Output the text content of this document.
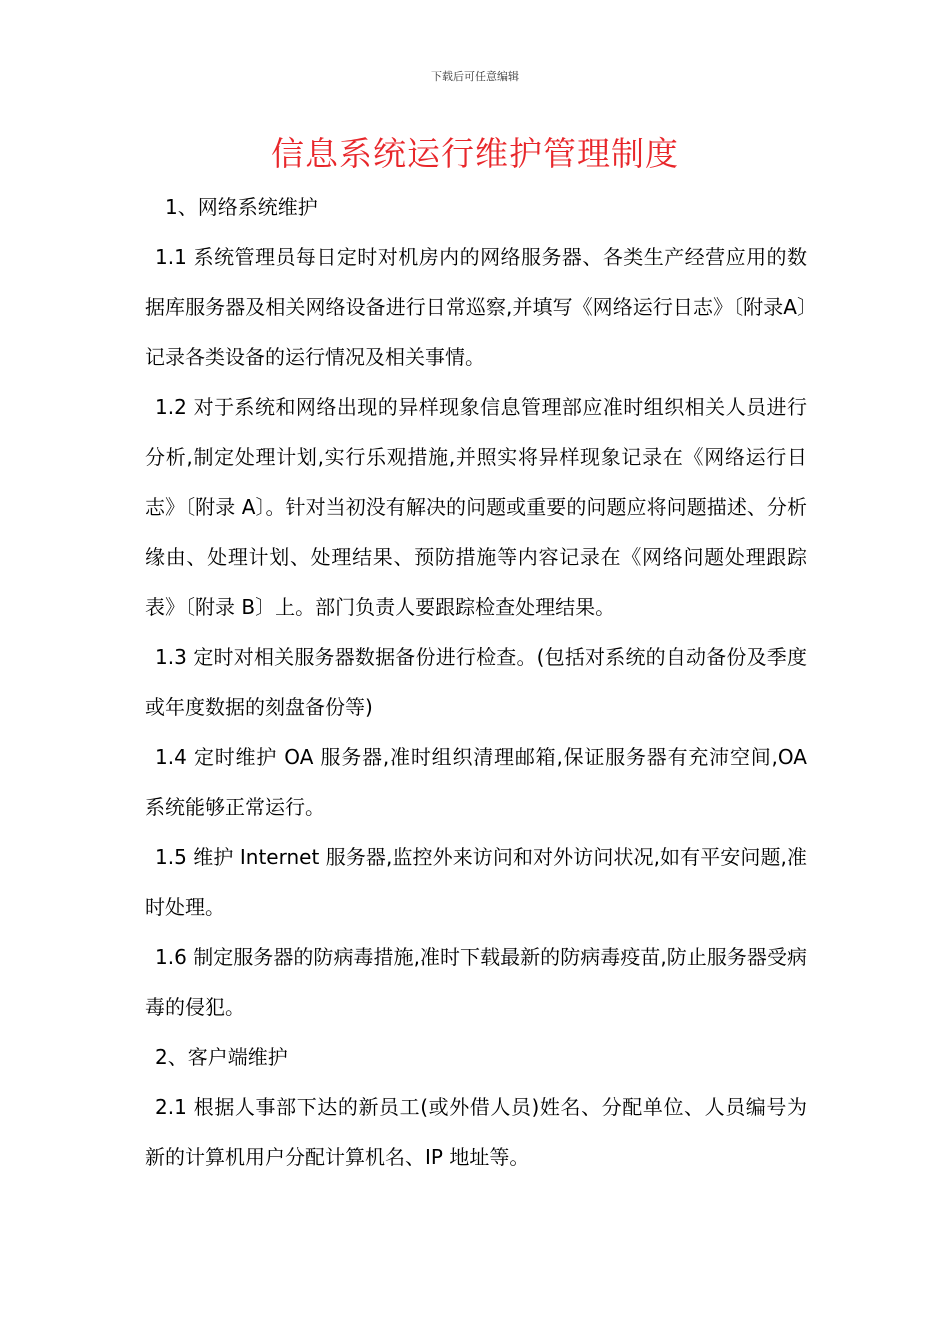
下载后可任意编辑
信息系统运行维护管理制度

1、网络系统维护

1.1 系统管理员每日定时对机房内的网络服务器、各类生产经营应用的数据库服务器及相关网络设备进行日常巡察,并填写《网络运行日志》〔附录A〕记录各类设备的运行情况及相关事情。

1.2 对于系统和网络出现的异样现象信息管理部应准时组织相关人员进行分析,制定处理计划,实行乐观措施,并照实将异样现象记录在《网络运行日志》〔附录 A〕。针对当初没有解决的问题或重要的问题应将问题描述、分析缘由、处理计划、处理结果、预防措施等内容记录在《网络问题处理跟踪表》〔附录 B〕上。部门负责人要跟踪检查处理结果。

1.3 定时对相关服务器数据备份进行检查。(包括对系统的自动备份及季度或年度数据的刻盘备份等)

1.4 定时维护 OA 服务器,准时组织清理邮箱,保证服务器有充沛空间,OA 系统能够正常运行。

1.5 维护 Internet 服务器,监控外来访问和对外访问状况,如有平安问题,准时处理。

1.6 制定服务器的防病毒措施,准时下载最新的防病毒疫苗,防止服务器受病毒的侵犯。

2、客户端维护

2.1 根据人事部下达的新员工(或外借人员)姓名、分配单位、人员编号为新的计算机用户分配计算机名、IP 地址等。
